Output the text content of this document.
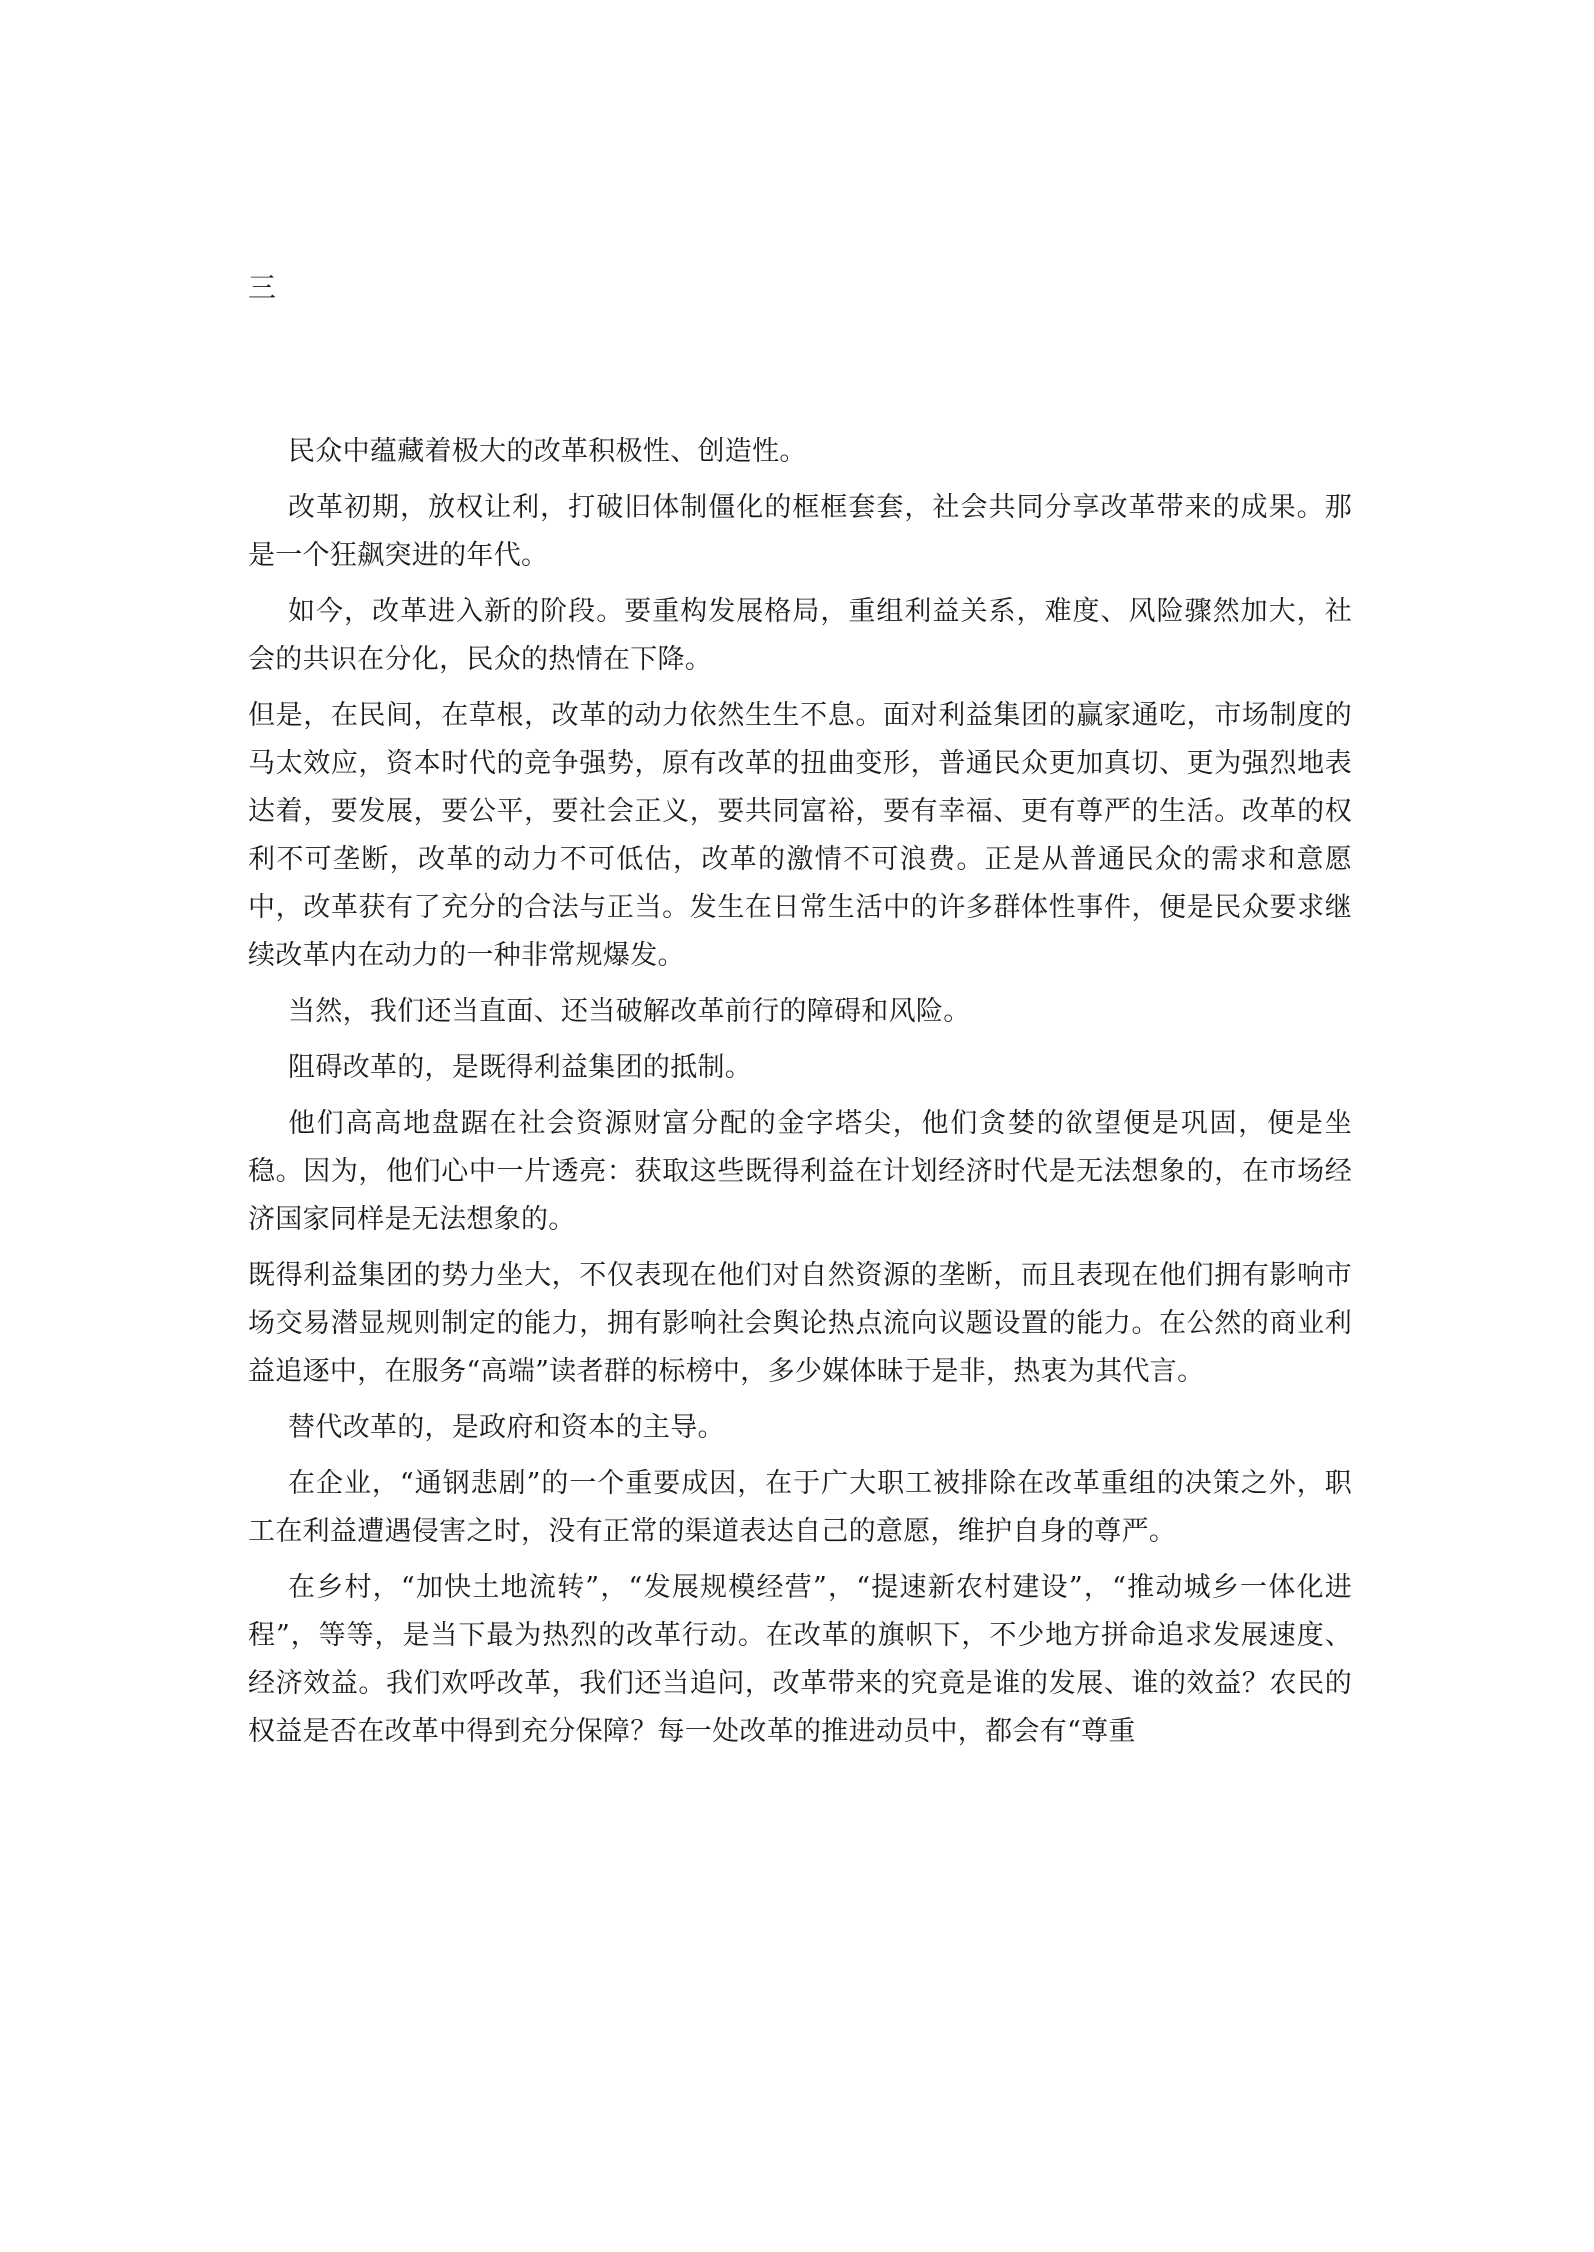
三

民众中蕴藏着极大的改革积极性、创造性。

改革初期，放权让利，打破旧体制僵化的框框套套，社会共同分享改革带来的成果。那是一个狂飙突进的年代。

如今，改革进入新的阶段。要重构发展格局，重组利益关系，难度、风险骤然加大，社会的共识在分化，民众的热情在下降。

但是，在民间，在草根，改革的动力依然生生不息。面对利益集团的赢家通吃，市场制度的马太效应，资本时代的竞争强势，原有改革的扭曲变形，普通民众更加真切、更为强烈地表达着，要发展，要公平，要社会正义，要共同富裕，要有幸福、更有尊严的生活。改革的权利不可垄断，改革的动力不可低估，改革的激情不可浪费。正是从普通民众的需求和意愿中，改革获有了充分的合法与正当。发生在日常生活中的许多群体性事件，便是民众要求继续改革内在动力的一种非常规爆发。

当然，我们还当直面、还当破解改革前行的障碍和风险。

阻碍改革的，是既得利益集团的抵制。

他们高高地盘踞在社会资源财富分配的金字塔尖，他们贪婪的欲望便是巩固，便是坐稳。因为，他们心中一片透亮：获取这些既得利益在计划经济时代是无法想象的，在市场经济国家同样是无法想象的。

既得利益集团的势力坐大，不仅表现在他们对自然资源的垄断，而且表现在他们拥有影响市场交易潜显规则制定的能力，拥有影响社会舆论热点流向议题设置的能力。在公然的商业利益追逐中，在服务“高端”读者群的标榜中，多少媒体昧于是非，热衷为其代言。

替代改革的，是政府和资本的主导。

在企业，“通钢悲剧”的一个重要成因，在于广大职工被排除在改革重组的决策之外，职工在利益遭遇侵害之时，没有正常的渠道表达自己的意愿，维护自身的尊严。

在乡村，“加快土地流转”，“发展规模经营”，“提速新农村建设”，“推动城乡一体化进程”，等等，是当下最为热烈的改革行动。在改革的旗帜下，不少地方拼命追求发展速度、经济效益。我们欢呼改革，我们还当追问，改革带来的究竟是谁的发展、谁的效益？农民的权益是否在改革中得到充分保障？每一处改革的推进动员中，都会有“尊重
